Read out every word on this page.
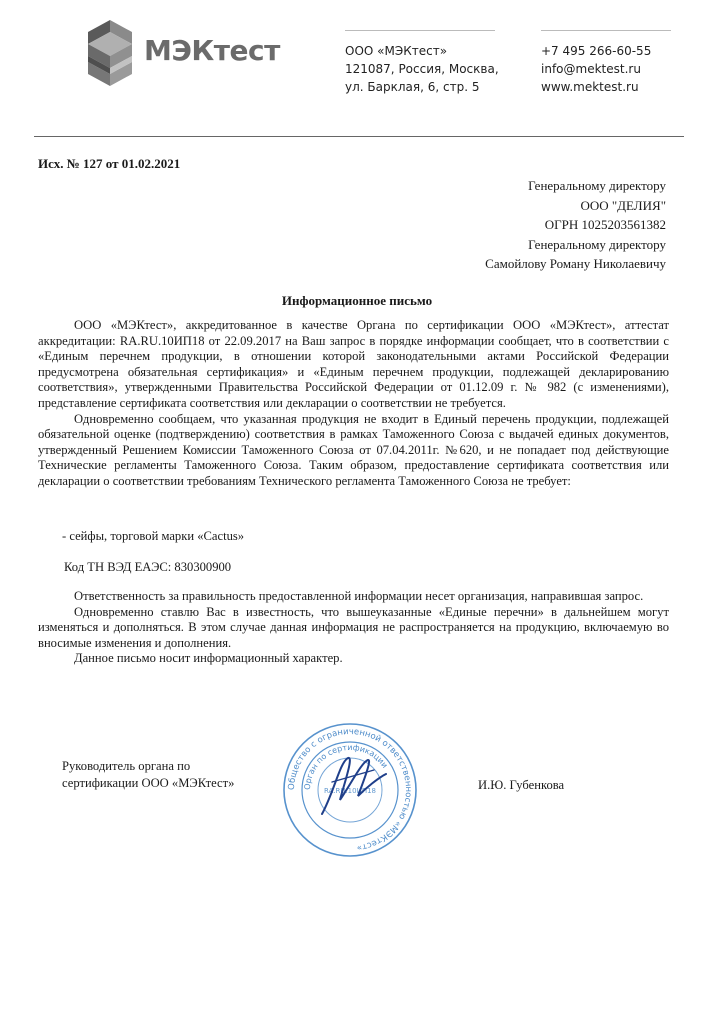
МЭКтест	ООО «МЭКтест»
121087, Россия, Москва,
ул. Барклая, 6, стр. 5
+7 495 266-60-55
info@mektest.ru
www.mektest.ru
Исх. № 127 от 01.02.2021
Генеральному директору
ООО "ДЕЛИЯ"
ОГРН 1025203561382
Генеральному директору
Самойлову Роману Николаевичу
Информационное письмо

ООО «МЭКтест», аккредитованное в качестве Органа по сертификации ООО «МЭКтест», аттестат аккредитации: RA.RU.10ИП18 от 22.09.2017 на Ваш запрос в порядке информации сообщает, что в соответствии с «Единым перечнем продукции, в отношении которой законодательными актами Российской Федерации предусмотрена обязательная сертификация» и «Единым перечнем продукции, подлежащей декларированию соответствия», утвержденными Правительства Российской Федерации от 01.12.09 г. № 982 (с изменениями), представление сертификата соответствия или декларации о соответствии не требуется.

Одновременно сообщаем, что указанная продукция не входит в Единый перечень продукции, подлежащей обязательной оценке (подтверждению) соответствия в рамках Таможенного Союза с выдачей единых документов, утвержденный Решением Комиссии Таможенного Союза от 07.04.2011г. №620, и не попадает под действующие Технические регламенты Таможенного Союза. Таким образом, предоставление сертификата соответствия или декларации о соответствии требованиям Технического регламента Таможенного Союза не требует:

- сейфы, торговой марки «Cactus»
Код ТН ВЭД ЕАЭС: 830300900

Ответственность за правильность предоставленной информации несет организация, направившая запрос.

Одновременно ставлю Вас в известность, что вышеуказанные «Единые перечни» в дальнейшем могут изменяться и дополняться. В этом случае данная информация не распространяется на продукцию, включаемую во вносимые изменения и дополнения.

Данное письмо носит информационный характер.

Руководитель органа по
сертификации ООО «МЭКтест»	И.Ю. Губенкова
Общество с ограниченной ответственностью «МЭКтест»
Орган по сертификации
RA.RU.10ИП18
